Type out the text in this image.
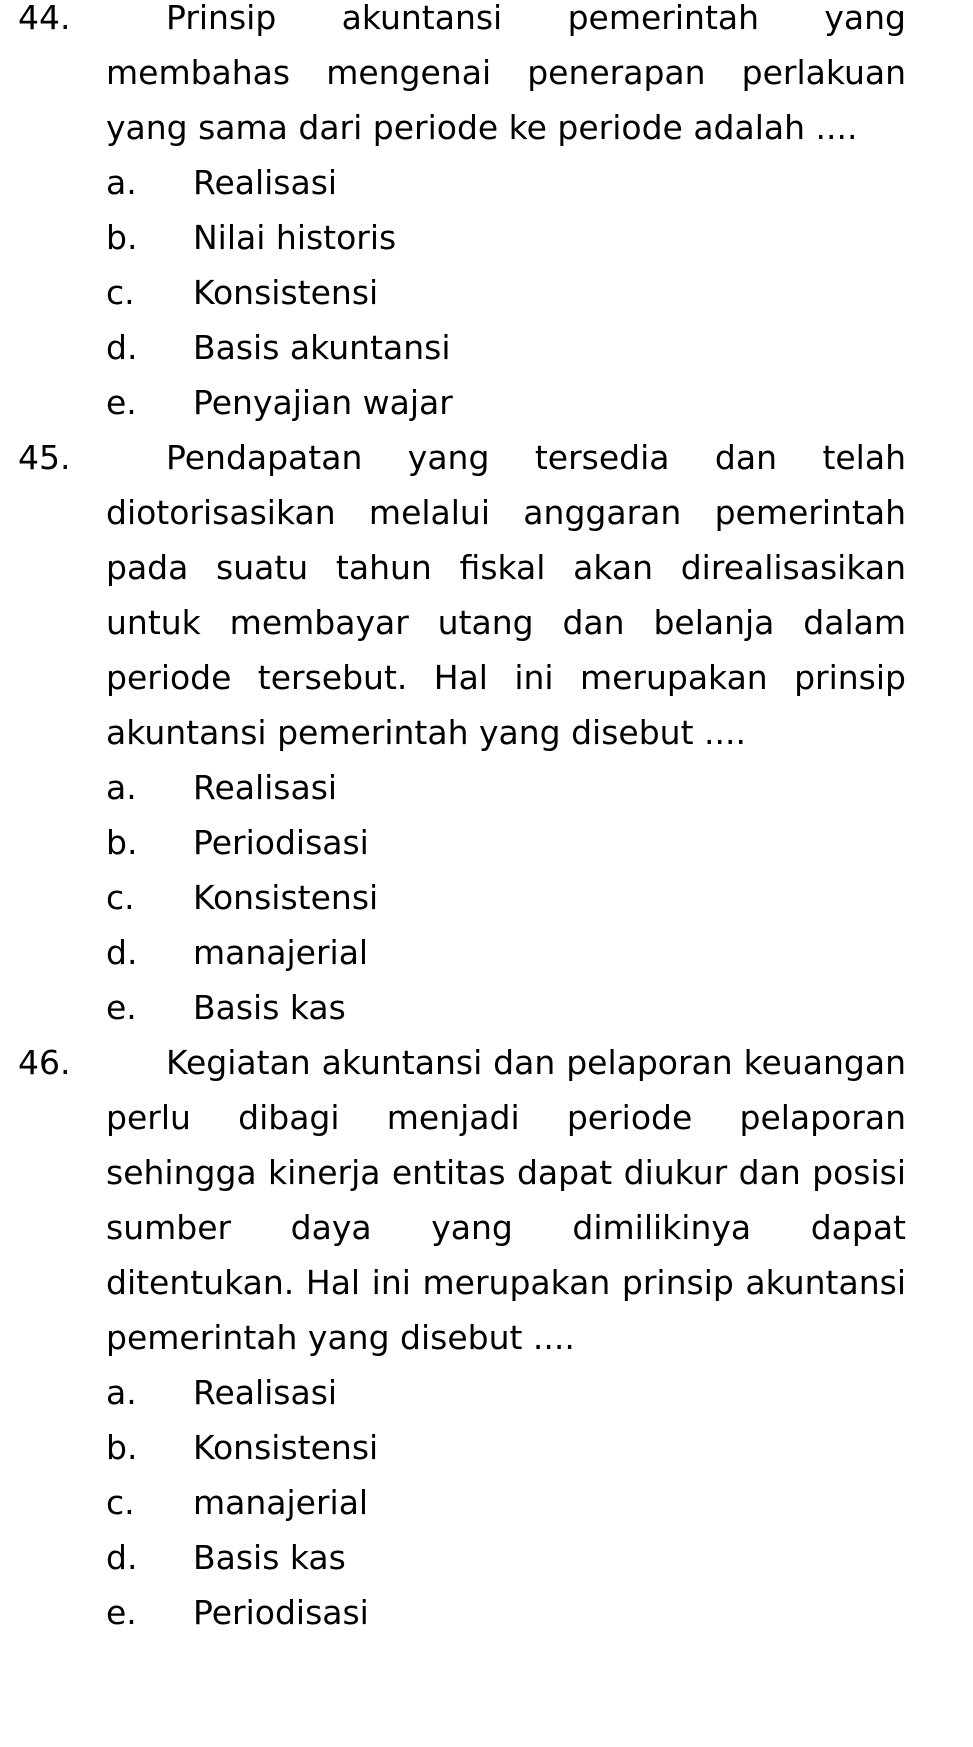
44.	Prinsip akuntansi pemerintah yang membahas mengenai penerapan perlakuan yang sama dari periode ke periode adalah ....
a. Realisasi
b. Nilai historis
c. Konsistensi
d. Basis akuntansi
e. Penyajian wajar
45.	Pendapatan yang tersedia dan telah diotorisasikan melalui anggaran pemerintah pada suatu tahun fiskal akan direalisasikan untuk membayar utang dan belanja dalam periode tersebut. Hal ini merupakan prinsip akuntansi pemerintah yang disebut ....
a. Realisasi
b. Periodisasi
c. Konsistensi
d. manajerial
e. Basis kas
46.	Kegiatan akuntansi dan pelaporan keuangan perlu dibagi menjadi periode pelaporan sehingga kinerja entitas dapat diukur dan posisi sumber daya yang dimilikinya dapat ditentukan. Hal ini merupakan prinsip akuntansi pemerintah yang disebut ....
a. Realisasi
b. Konsistensi
c. manajerial
d. Basis kas
e. Periodisasi
